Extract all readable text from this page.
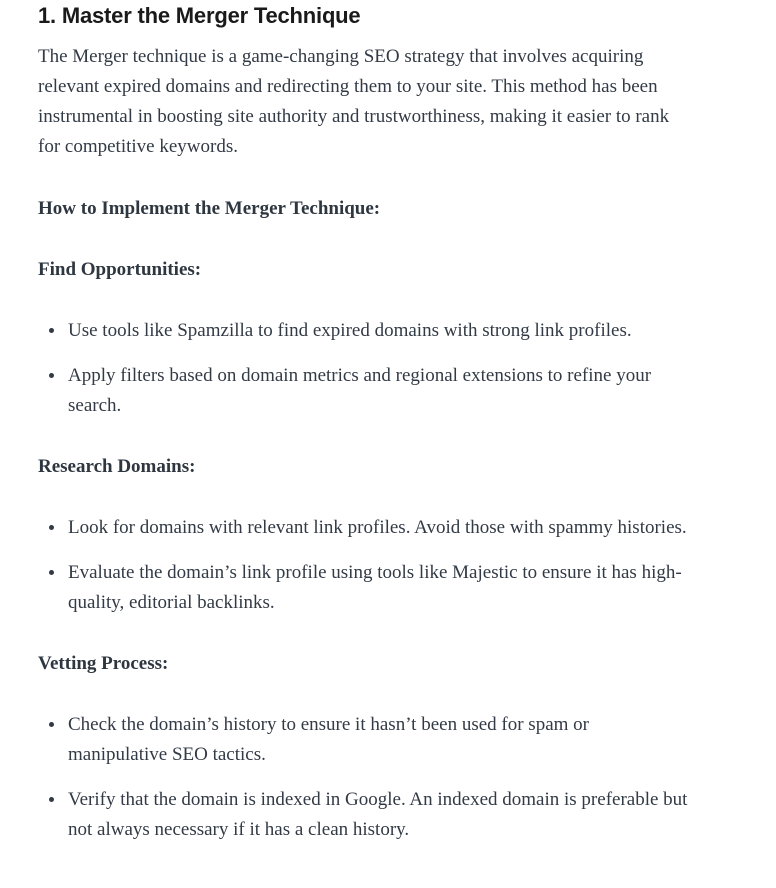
1. Master the Merger Technique

The Merger technique is a game-changing SEO strategy that involves acquiring relevant expired domains and redirecting them to your site. This method has been instrumental in boosting site authority and trustworthiness, making it easier to rank for competitive keywords.

How to Implement the Merger Technique:
Find Opportunities:
Use tools like Spamzilla to find expired domains with strong link profiles.
Apply filters based on domain metrics and regional extensions to refine your search.
Research Domains:
Look for domains with relevant link profiles. Avoid those with spammy histories.
Evaluate the domain’s link profile using tools like Majestic to ensure it has high-quality, editorial backlinks.
Vetting Process:
Check the domain’s history to ensure it hasn’t been used for spam or manipulative SEO tactics.
Verify that the domain is indexed in Google. An indexed domain is preferable but not always necessary if it has a clean history.
